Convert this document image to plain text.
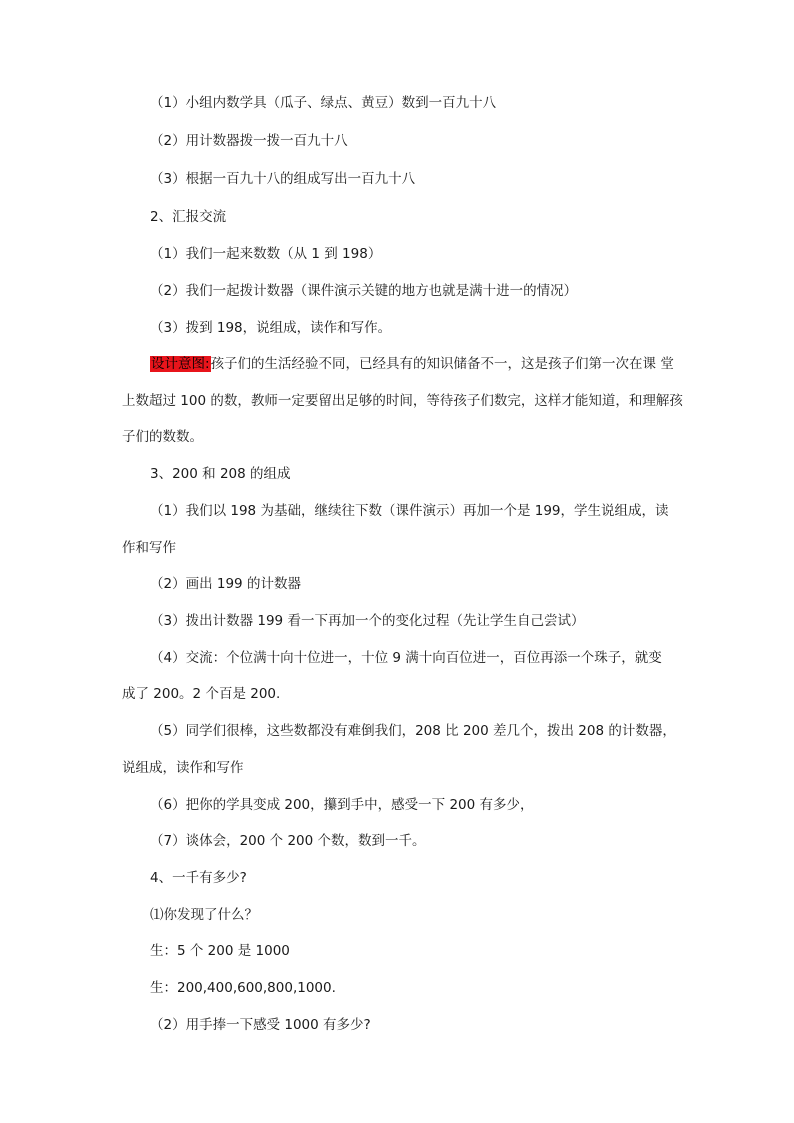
（1）小组内数学具（瓜子、绿点、黄豆）数到一百九十八
（2）用计数器拨一拨一百九十八
（3）根据一百九十八的组成写出一百九十八
2、汇报交流
（1）我们一起来数数（从 1 到 198）
（2）我们一起拨计数器（课件演示关键的地方也就是满十进一的情况）
（3）拨到 198，说组成，读作和写作。
设计意图:孩子们的生活经验不同，已经具有的知识储备不一，这是孩子们第一次在课 堂
上数超过 100 的数，教师一定要留出足够的时间，等待孩子们数完，这样才能知道，和理解孩
子们的数数。
3、200 和 208 的组成
（1）我们以 198 为基础，继续往下数（课件演示）再加一个是 199，学生说组成，读
作和写作
（2）画出 199 的计数器
（3）拨出计数器 199 看一下再加一个的变化过程（先让学生自己尝试）
（4）交流：个位满十向十位进一，十位 9 满十向百位进一，百位再添一个珠子，就变
成了 200。2 个百是 200.
（5）同学们很棒，这些数都没有难倒我们，208 比 200 差几个，拨出 208 的计数器，
说组成，读作和写作
（6）把你的学具变成 200，攥到手中，感受一下 200 有多少，
（7）谈体会，200 个 200 个数，数到一千。
4、一千有多少?
⑴你发现了什么？
生：5 个 200 是 1000
生：200,400,600,800,1000.
（2）用手捧一下感受 1000 有多少?
